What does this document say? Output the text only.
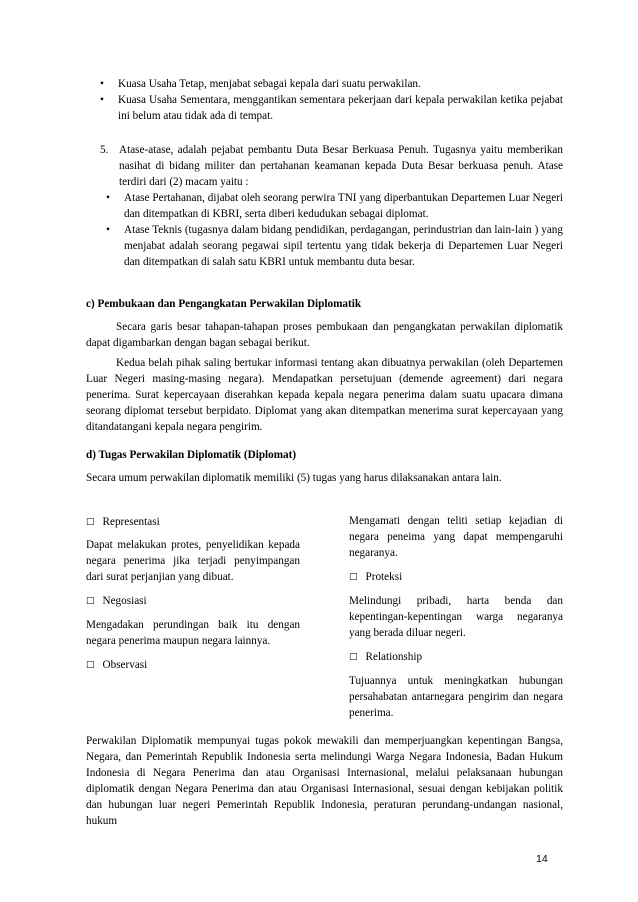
• Kuasa Usaha Tetap, menjabat sebagai kepala dari suatu perwakilan.
• Kuasa Usaha Sementara, menggantikan sementara pekerjaan dari kepala perwakilan ketika pejabat ini belum atau tidak ada di tempat.
5. Atase-atase, adalah pejabat pembantu Duta Besar Berkuasa Penuh. Tugasnya yaitu memberikan nasihat di bidang militer dan pertahanan keamanan kepada Duta Besar berkuasa penuh. Atase terdiri dari (2) macam yaitu :
• Atase Pertahanan, dijabat oleh seorang perwira TNI yang diperbantukan Departemen Luar Negeri dan ditempatkan di KBRI, serta diberi kedudukan sebagai diplomat.
• Atase Teknis (tugasnya dalam bidang pendidikan, perdagangan, perindustrian dan lain-lain ) yang menjabat adalah seorang pegawai sipil tertentu yang tidak bekerja di Departemen Luar Negeri dan ditempatkan di salah satu KBRI untuk membantu duta besar.
c) Pembukaan dan Pengangkatan Perwakilan Diplomatik
Secara garis besar tahapan-tahapan proses pembukaan dan pengangkatan perwakilan diplomatik dapat digambarkan dengan bagan sebagai berikut.
Kedua belah pihak saling bertukar informasi tentang akan dibuatnya perwakilan (oleh Departemen Luar Negeri masing-masing negara). Mendapatkan persetujuan (demende agreement) dari negara penerima. Surat kepercayaan diserahkan kepada kepala negara penerima dalam suatu upacara dimana seorang diplomat tersebut berpidato. Diplomat yang akan ditempatkan menerima surat kepercayaan yang ditandatangani kepala negara pengirim.
d) Tugas Perwakilan Diplomatik (Diplomat)
Secara umum perwakilan diplomatik memiliki (5) tugas yang harus dilaksanakan antara lain.

□ Representasi

Dapat melakukan protes, penyelidikan kepada negara penerima jika terjadi penyimpangan dari surat perjanjian yang dibuat.

□ Negosiasi

Mengadakan perundingan baik itu dengan negara penerima maupun negara lainnya.

□ Observasi

Mengamati dengan teliti setiap kejadian di negara peneima yang dapat mempengaruhi negaranya.

□ Proteksi

Melindungi pribadi, harta benda dan kepentingan-kepentingan warga negaranya yang berada diluar negeri.

□ Relationship

Tujuannya untuk meningkatkan hubungan persahabatan antarnegara pengirim dan negara penerima.

Perwakilan Diplomatik mempunyai tugas pokok mewakili dan memperjuangkan kepentingan Bangsa, Negara, dan Pemerintah Republik Indonesia serta melindungi Warga Negara Indonesia, Badan Hukum Indonesia di Negara Penerima dan atau Organisasi Internasional, melalui pelaksanaan hubungan diplomatik dengan Negara Penerima dan atau Organisasi Internasional, sesuai dengan kebijakan politik dan hubungan luar negeri Pemerintah Republik Indonesia, peraturan perundang-undangan nasional, hukum
14
